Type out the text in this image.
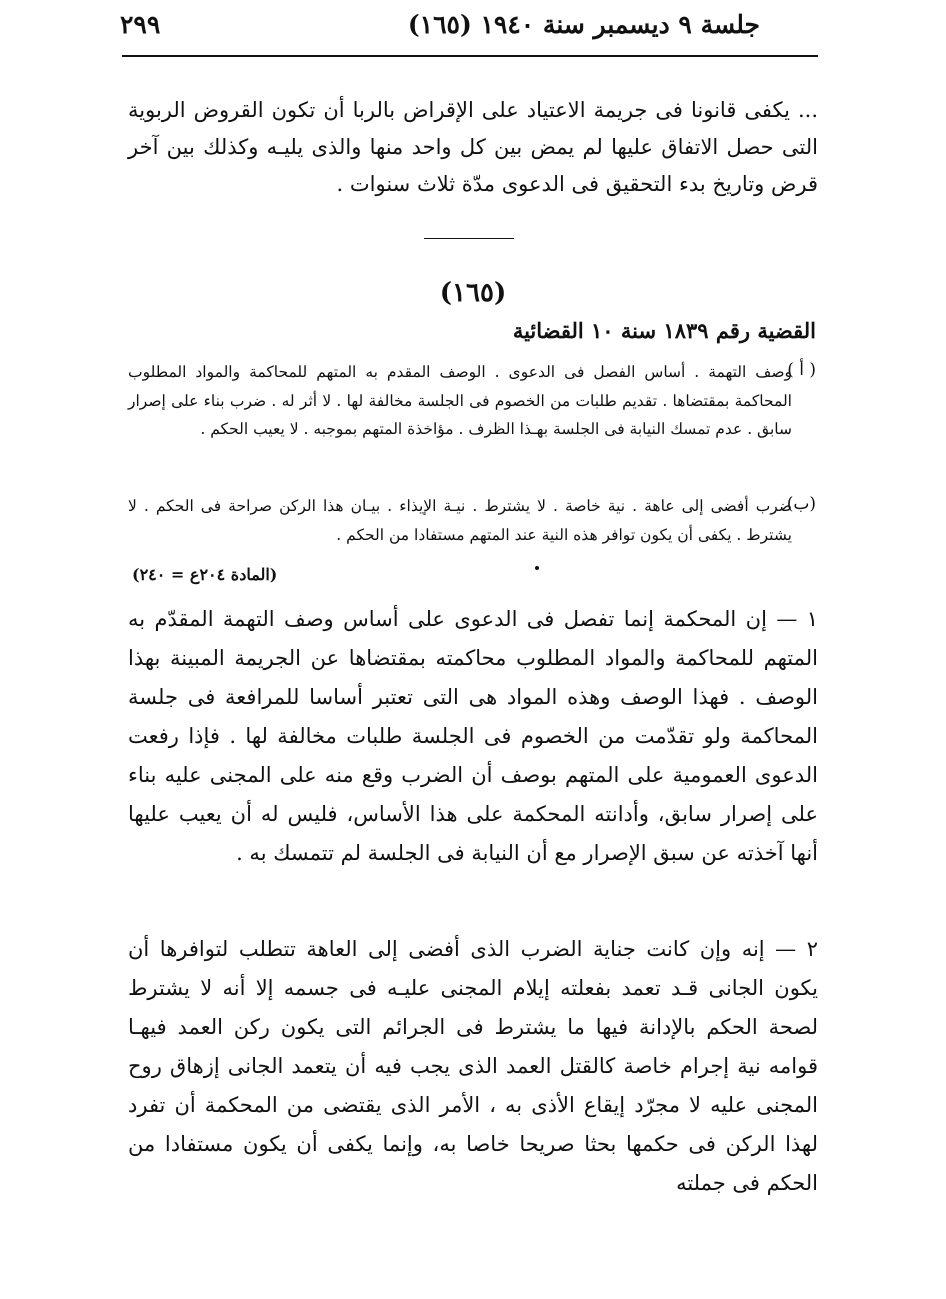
جلسة ٩ ديسمبر سنة ١٩٤٠ (١٦٥)
٢٩٩
... يكفى قانونا فى جريمة الاعتياد على الإقراض بالربا أن تكون القروض الربوية التى حصل الاتفاق عليها لم يمض بين كل واحد منها والذى يليـه وكذلك بين آخر قرض وتاريخ بدء التحقيق فى الدعوى مدّة ثلاث سنوات .
(١٦٥)
القضية رقم ١٨٣٩ سنة ١٠ القضائية
( أ )
وصف التهمة . أساس الفصل فى الدعوى . الوصف المقدم به المتهم للمحاكمة والمواد المطلوب المحاكمة بمقتضاها . تقديم طلبات من الخصوم فى الجلسة مخالفة لها . لا أثر له . ضرب بناء على إصرار سابق . عدم تمسك النيابة فى الجلسة بهـذا الظرف . مؤاخذة المتهم بموجبه . لا يعيب الحكم .
(ب)
ضرب أفضى إلى عاهة . نية خاصة . لا يشترط . نيـة الإيذاء . بيـان هذا الركن صراحة فى الحكم . لا يشترط . يكفى أن يكون توافر هذه النية عند المتهم مستفادا من الحكم .
(المادة ٢٠٤ع = ٢٤٠)
١ — إن المحكمة إنما تفصل فى الدعوى على أساس وصف التهمة المقدّم به المتهم للمحاكمة والمواد المطلوب محاكمته بمقتضاها عن الجريمة المبينة بهذا الوصف . فهذا الوصف وهذه المواد هى التى تعتبر أساسا للمرافعة فى جلسة المحاكمة ولو تقدّمت من الخصوم فى الجلسة طلبات مخالفة لها . فإذا رفعت الدعوى العمومية على المتهم بوصف أن الضرب وقع منه على المجنى عليه بناء على إصرار سابق، وأدانته المحكمة على هذا الأساس، فليس له أن يعيب عليها أنها آخذته عن سبق الإصرار مع أن النيابة فى الجلسة لم تتمسك به .
٢ — إنه وإن كانت جناية الضرب الذى أفضى إلى العاهة تتطلب لتوافرها أن يكون الجانى قـد تعمد بفعلته إيلام المجنى عليـه فى جسمه إلا أنه لا يشترط لصحة الحكم بالإدانة فيها ما يشترط فى الجرائم التى يكون ركن العمد فيهـا قوامه نية إجرام خاصة كالقتل العمد الذى يجب فيه أن يتعمد الجانى إزهاق روح المجنى عليه لا مجرّد إيقاع الأذى به ، الأمر الذى يقتضى من المحكمة أن تفرد لهذا الركن فى حكمها بحثا صريحا خاصا به، وإنما يكفى أن يكون مستفادا من الحكم فى جملته
